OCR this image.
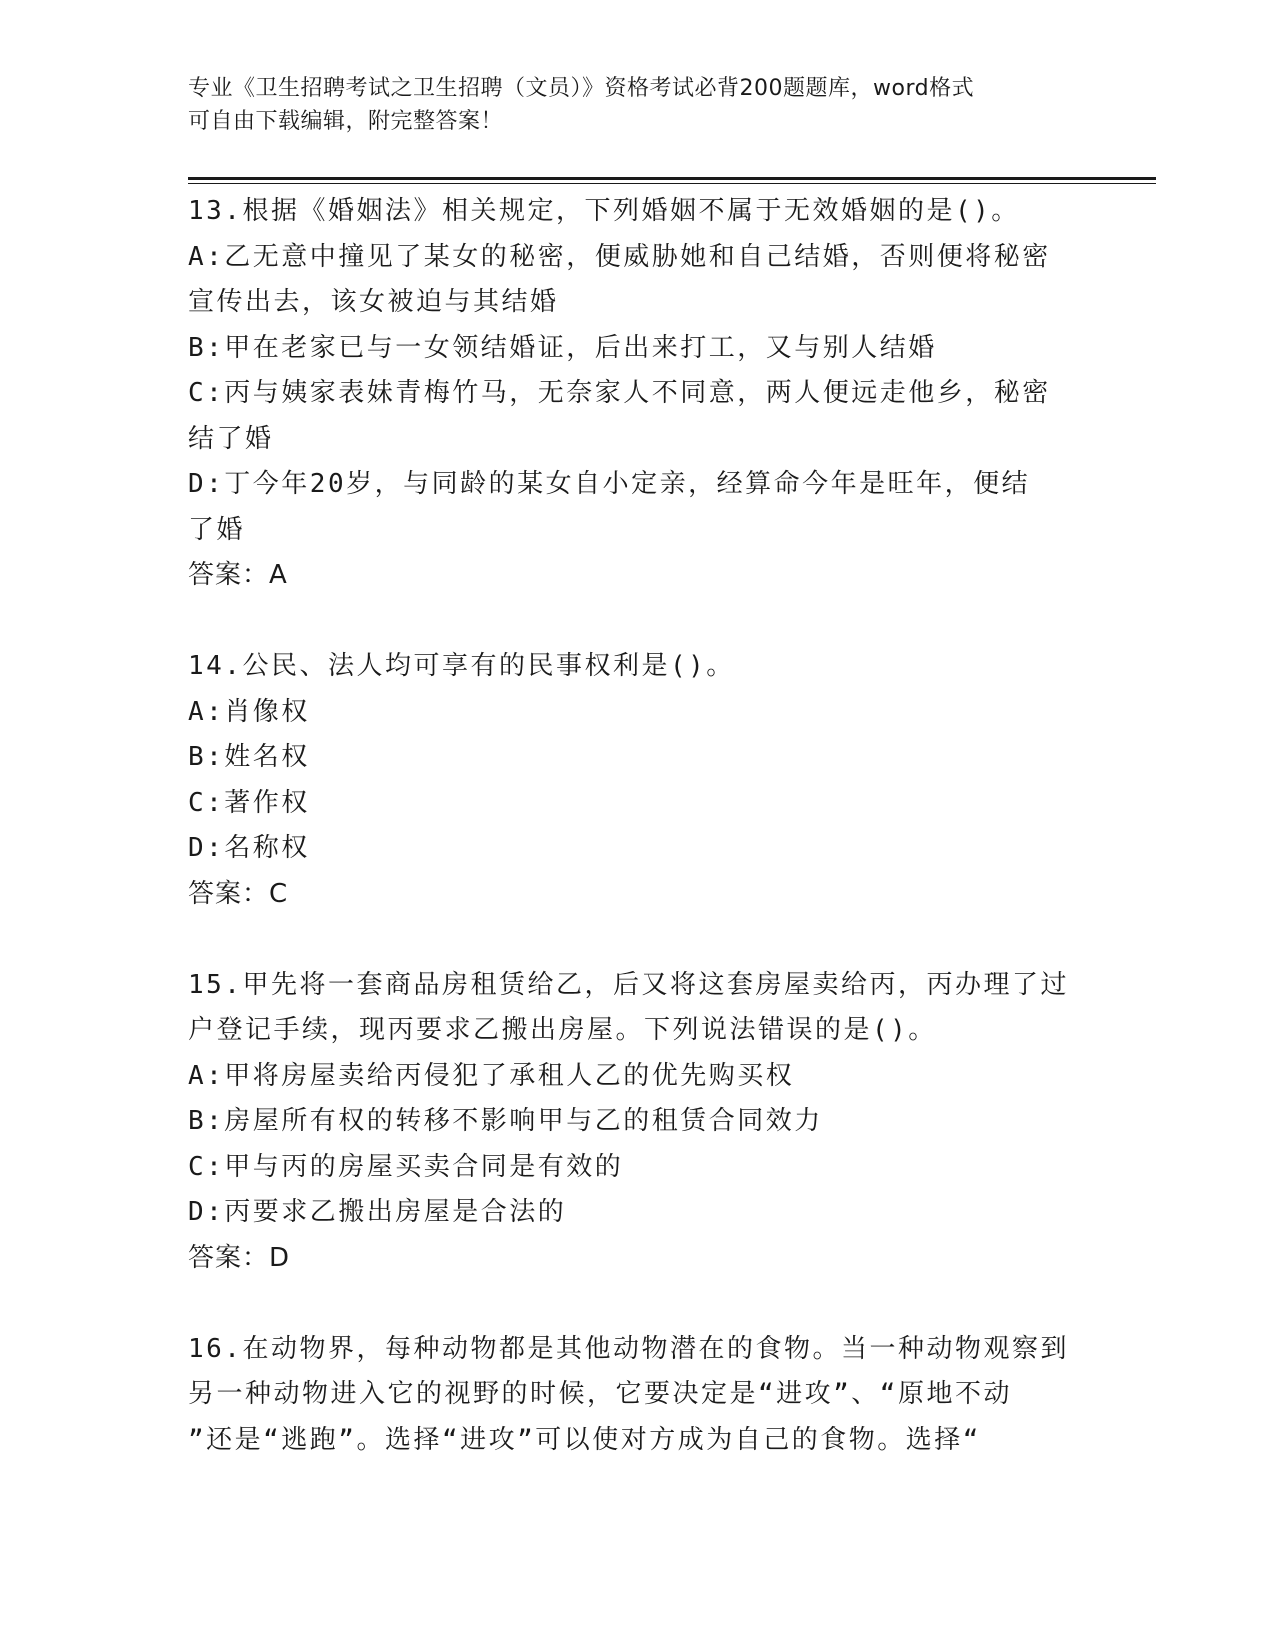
专业《卫生招聘考试之卫生招聘（文员）》资格考试必背200题题库，word格式
可自由下载编辑，附完整答案！
13.根据《婚姻法》相关规定，下列婚姻不属于无效婚姻的是()。
A:乙无意中撞见了某女的秘密，便威胁她和自己结婚，否则便将秘密
宣传出去，该女被迫与其结婚
B:甲在老家已与一女领结婚证，后出来打工，又与别人结婚
C:丙与姨家表妹青梅竹马，无奈家人不同意，两人便远走他乡，秘密
结了婚
D:丁今年20岁，与同龄的某女自小定亲，经算命今年是旺年，便结
了婚
答案：A
14.公民、法人均可享有的民事权利是()。
A:肖像权
B:姓名权
C:著作权
D:名称权
答案：C
15.甲先将一套商品房租赁给乙，后又将这套房屋卖给丙，丙办理了过
户登记手续，现丙要求乙搬出房屋。下列说法错误的是()。
A:甲将房屋卖给丙侵犯了承租人乙的优先购买权
B:房屋所有权的转移不影响甲与乙的租赁合同效力
C:甲与丙的房屋买卖合同是有效的
D:丙要求乙搬出房屋是合法的
答案：D
16.在动物界，每种动物都是其他动物潜在的食物。当一种动物观察到
另一种动物进入它的视野的时候，它要决定是“进攻”、“原地不动
”还是“逃跑”。选择“进攻”可以使对方成为自己的食物。选择“
